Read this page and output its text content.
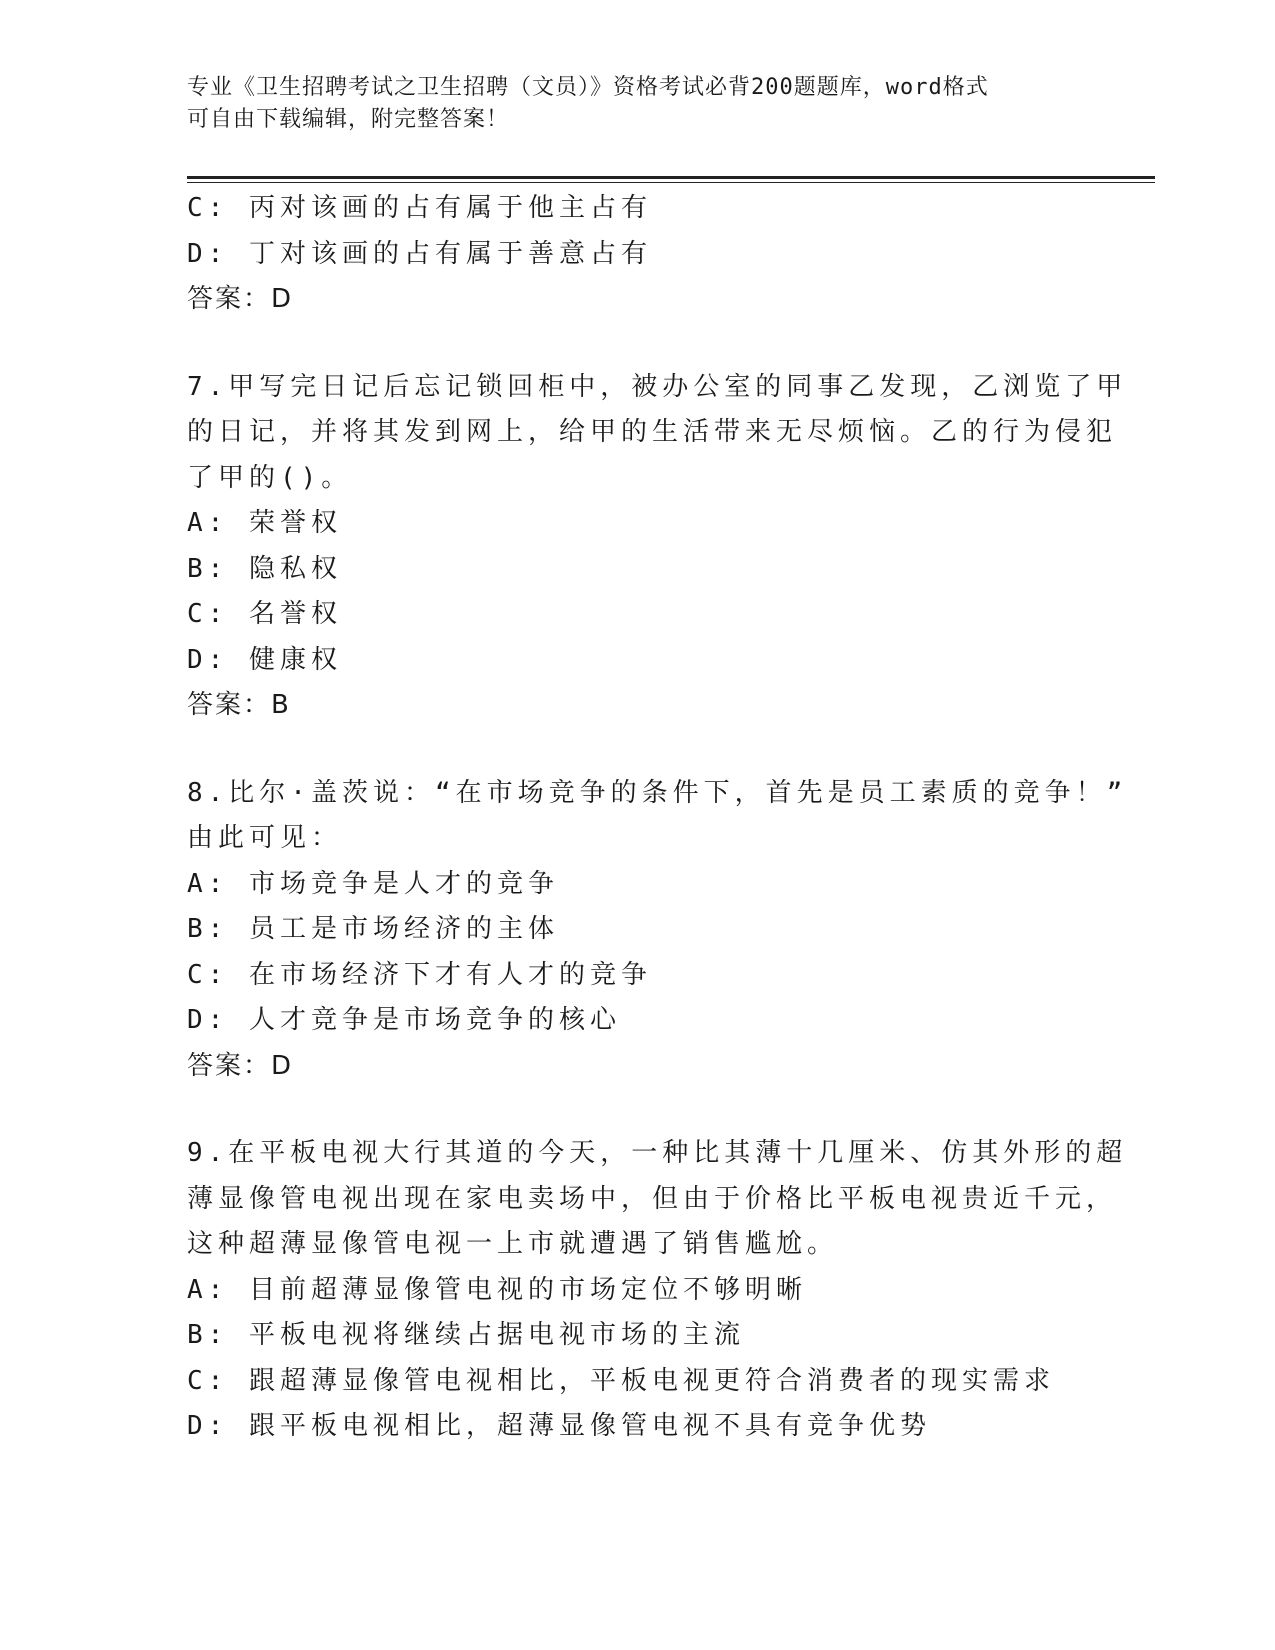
专业《卫生招聘考试之卫生招聘（文员）》资格考试必背200题题库，word格式
可自由下载编辑，附完整答案！
C: 丙对该画的占有属于他主占有
D: 丁对该画的占有属于善意占有
答案：D
7.甲写完日记后忘记锁回柜中，被办公室的同事乙发现，乙浏览了甲
的日记，并将其发到网上，给甲的生活带来无尽烦恼。乙的行为侵犯
了甲的()。
A: 荣誉权
B: 隐私权
C: 名誉权
D: 健康权
答案：B
8.比尔·盖茨说：“在市场竞争的条件下，首先是员工素质的竞争！”
由此可见：
A: 市场竞争是人才的竞争
B: 员工是市场经济的主体
C: 在市场经济下才有人才的竞争
D: 人才竞争是市场竞争的核心
答案：D
9.在平板电视大行其道的今天，一种比其薄十几厘米、仿其外形的超
薄显像管电视出现在家电卖场中，但由于价格比平板电视贵近千元，
这种超薄显像管电视一上市就遭遇了销售尴尬。
A: 目前超薄显像管电视的市场定位不够明晰
B: 平板电视将继续占据电视市场的主流
C: 跟超薄显像管电视相比，平板电视更符合消费者的现实需求
D: 跟平板电视相比，超薄显像管电视不具有竞争优势
